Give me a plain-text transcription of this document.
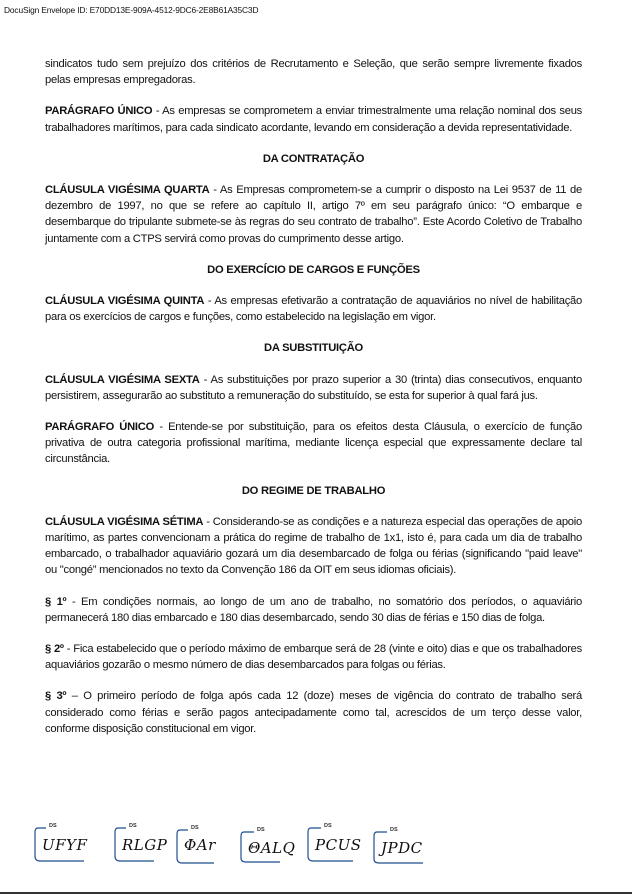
DocuSign Envelope ID: E70DD13E-909A-4512-9DC6-2E8B61A35C3D

sindicatos tudo sem prejuízo dos critérios de Recrutamento e Seleção, que serão sempre livremente fixados pelas empresas empregadoras.

PARÁGRAFO ÚNICO - As empresas se comprometem a enviar trimestralmente uma relação nominal dos seus trabalhadores marítimos, para cada sindicato acordante, levando em consideração a devida representatividade.

DA CONTRATAÇÃO

CLÁUSULA VIGÉSIMA QUARTA - As Empresas comprometem-se a cumprir o disposto na Lei 9537 de 11 de dezembro de 1997, no que se refere ao capítulo II, artigo 7º em seu parágrafo único: “O embarque e desembarque do tripulante submete-se às regras do seu contrato de trabalho”. Este Acordo Coletivo de Trabalho juntamente com a CTPS servirá como provas do cumprimento desse artigo.

DO EXERCÍCIO DE CARGOS E FUNÇÕES

CLÁUSULA VIGÉSIMA QUINTA - As empresas efetivarão a contratação de aquaviários no nível de habilitação para os exercícios de cargos e funções, como estabelecido na legislação em vigor.

DA SUBSTITUIÇÃO

CLÁUSULA VIGÉSIMA SEXTA - As substituições por prazo superior a 30 (trinta) dias consecutivos, enquanto persistirem, assegurarão ao substituto a remuneração do substituído, se esta for superior à qual fará jus.

PARÁGRAFO ÚNICO - Entende-se por substituição, para os efeitos desta Cláusula, o exercício de função privativa de outra categoria profissional marítima, mediante licença especial que expressamente declare tal circunstância.

DO REGIME DE TRABALHO

CLÁUSULA VIGÉSIMA SÉTIMA - Considerando-se as condições e a natureza especial das operações de apoio marítimo, as partes convencionam a prática do regime de trabalho de 1x1, isto é, para cada um dia de trabalho embarcado, o trabalhador aquaviário gozará um dia desembarcado de folga ou férias (significando "paid leave" ou "congé” mencionados no texto da Convenção 186 da OIT em seus idiomas oficiais).

§ 1º - Em condições normais, ao longo de um ano de trabalho, no somatório dos períodos, o aquaviário permanecerá 180 dias embarcado e 180 dias desembarcado, sendo 30 dias de férias e 150 dias de folga.

§ 2º - Fica estabelecido que o período máximo de embarque será de 28 (vinte e oito) dias e que os trabalhadores aquaviários gozarão o mesmo número de dias desembarcados para folgas ou férias.

§ 3º – O primeiro período de folga após cada 12 (doze) meses de vigência do contrato de trabalho será considerado como férias e serão pagos antecipadamente como tal, acrescidos de um terço desse valor, conforme disposição constitucional em vigor.

DS
UFYF
DS
RLGP
DS
ΦAr
DS
ΘALQ
DS
PCUS
DS
JPDC
